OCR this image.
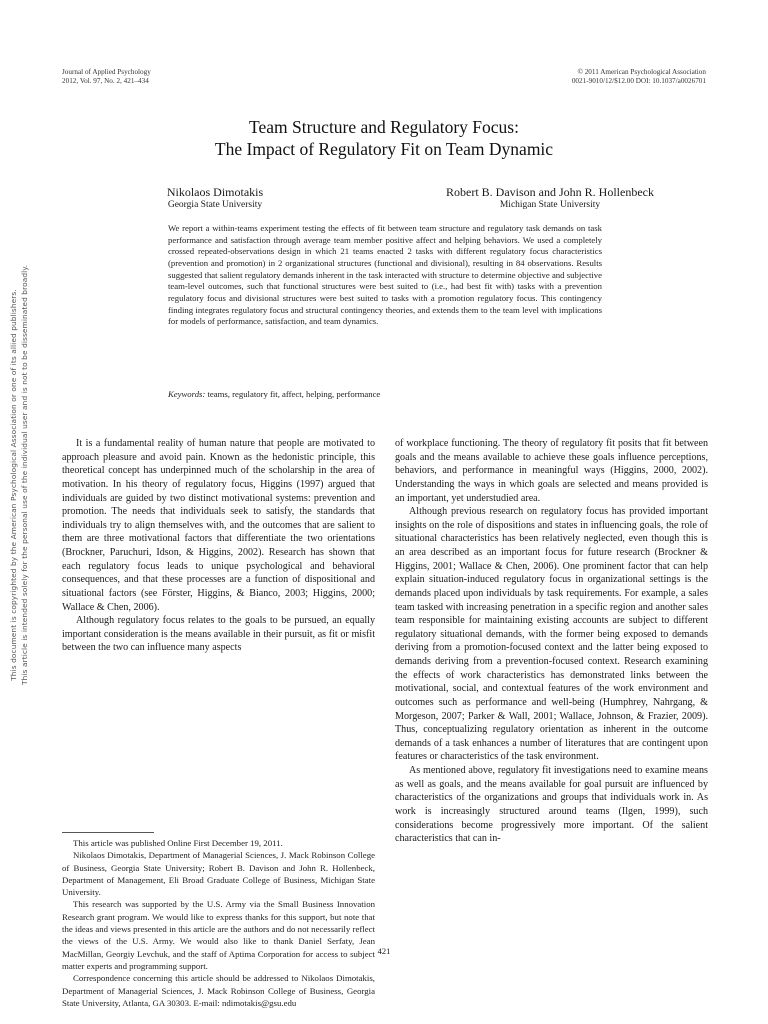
This document is copyrighted by the American Psychological Association or one of its allied publishers. This article is intended solely for the personal use of the individual user and is not to be disseminated broadly.
Journal of Applied Psychology
2012, Vol. 97, No. 2, 421–434
© 2011 American Psychological Association
0021-9010/12/$12.00 DOI: 10.1037/a0026701
Team Structure and Regulatory Focus:
The Impact of Regulatory Fit on Team Dynamic
Nikolaos Dimotakis
Georgia State University
Robert B. Davison and John R. Hollenbeck
Michigan State University
We report a within-teams experiment testing the effects of fit between team structure and regulatory task demands on task performance and satisfaction through average team member positive affect and helping behaviors. We used a completely crossed repeated-observations design in which 21 teams enacted 2 tasks with different regulatory focus characteristics (prevention and promotion) in 2 organizational structures (functional and divisional), resulting in 84 observations. Results suggested that salient regulatory demands inherent in the task interacted with structure to determine objective and subjective team-level outcomes, such that functional structures were best suited to (i.e., had best fit with) tasks with a prevention regulatory focus and divisional structures were best suited to tasks with a promotion regulatory focus. This contingency finding integrates regulatory focus and structural contingency theories, and extends them to the team level with implications for models of performance, satisfaction, and team dynamics.
Keywords: teams, regulatory fit, affect, helping, performance

It is a fundamental reality of human nature that people are motivated to approach pleasure and avoid pain. Known as the hedonistic principle, this theoretical concept has underpinned much of the scholarship in the area of motivation. In his theory of regulatory focus, Higgins (1997) argued that individuals are guided by two distinct motivational systems: prevention and promotion. The needs that individuals seek to satisfy, the standards that individuals try to align themselves with, and the outcomes that are salient to them are three motivational factors that differentiate the two orientations (Brockner, Paruchuri, Idson, & Higgins, 2002). Research has shown that each regulatory focus leads to unique psychological and behavioral consequences, and that these processes are a function of dispositional and situational factors (see Förster, Higgins, & Bianco, 2003; Higgins, 2000; Wallace & Chen, 2006).

Although regulatory focus relates to the goals to be pursued, an equally important consideration is the means available in their pursuit, as fit or misfit between the two can influence many aspects

This article was published Online First December 19, 2011.

Nikolaos Dimotakis, Department of Managerial Sciences, J. Mack Robinson College of Business, Georgia State University; Robert B. Davison and John R. Hollenbeck, Department of Management, Eli Broad Graduate College of Business, Michigan State University.

This research was supported by the U.S. Army via the Small Business Innovation Research grant program. We would like to express thanks for this support, but note that the ideas and views presented in this article are the authors and do not necessarily reflect the views of the U.S. Army. We would also like to thank Daniel Serfaty, Jean MacMillan, Georgiy Levchuk, and the staff of Aptima Corporation for access to subject matter experts and programming support.

Correspondence concerning this article should be addressed to Nikolaos Dimotakis, Department of Managerial Sciences, J. Mack Robinson College of Business, Georgia State University, Atlanta, GA 30303. E-mail: ndimotakis@gsu.edu

of workplace functioning. The theory of regulatory fit posits that fit between goals and the means available to achieve these goals influence perceptions, behaviors, and performance in meaningful ways (Higgins, 2000, 2002). Understanding the ways in which goals are selected and means provided is an important, yet understudied area.

Although previous research on regulatory focus has provided important insights on the role of dispositions and states in influencing goals, the role of situational characteristics has been relatively neglected, even though this is an area described as an important focus for future research (Brockner & Higgins, 2001; Wallace & Chen, 2006). One prominent factor that can help explain situation-induced regulatory focus in organizational settings is the demands placed upon individuals by task requirements. For example, a sales team tasked with increasing penetration in a specific region and another sales team responsible for maintaining existing accounts are subject to different regulatory situational demands, with the former being exposed to demands deriving from a promotion-focused context and the latter being exposed to demands deriving from a prevention-focused context. Research examining the effects of work characteristics has demonstrated links between the motivational, social, and contextual features of the work environment and outcomes such as performance and well-being (Humphrey, Nahrgang, & Morgeson, 2007; Parker & Wall, 2001; Wallace, Johnson, & Frazier, 2009). Thus, conceptualizing regulatory orientation as inherent in the outcome demands of a task enhances a number of literatures that are contingent upon features or characteristics of the task environment.

As mentioned above, regulatory fit investigations need to examine means as well as goals, and the means available for goal pursuit are influenced by characteristics of the organizations and groups that individuals work in. As work is increasingly structured around teams (Ilgen, 1999), such considerations become progressively more important. Of the salient characteristics that can in-

421
